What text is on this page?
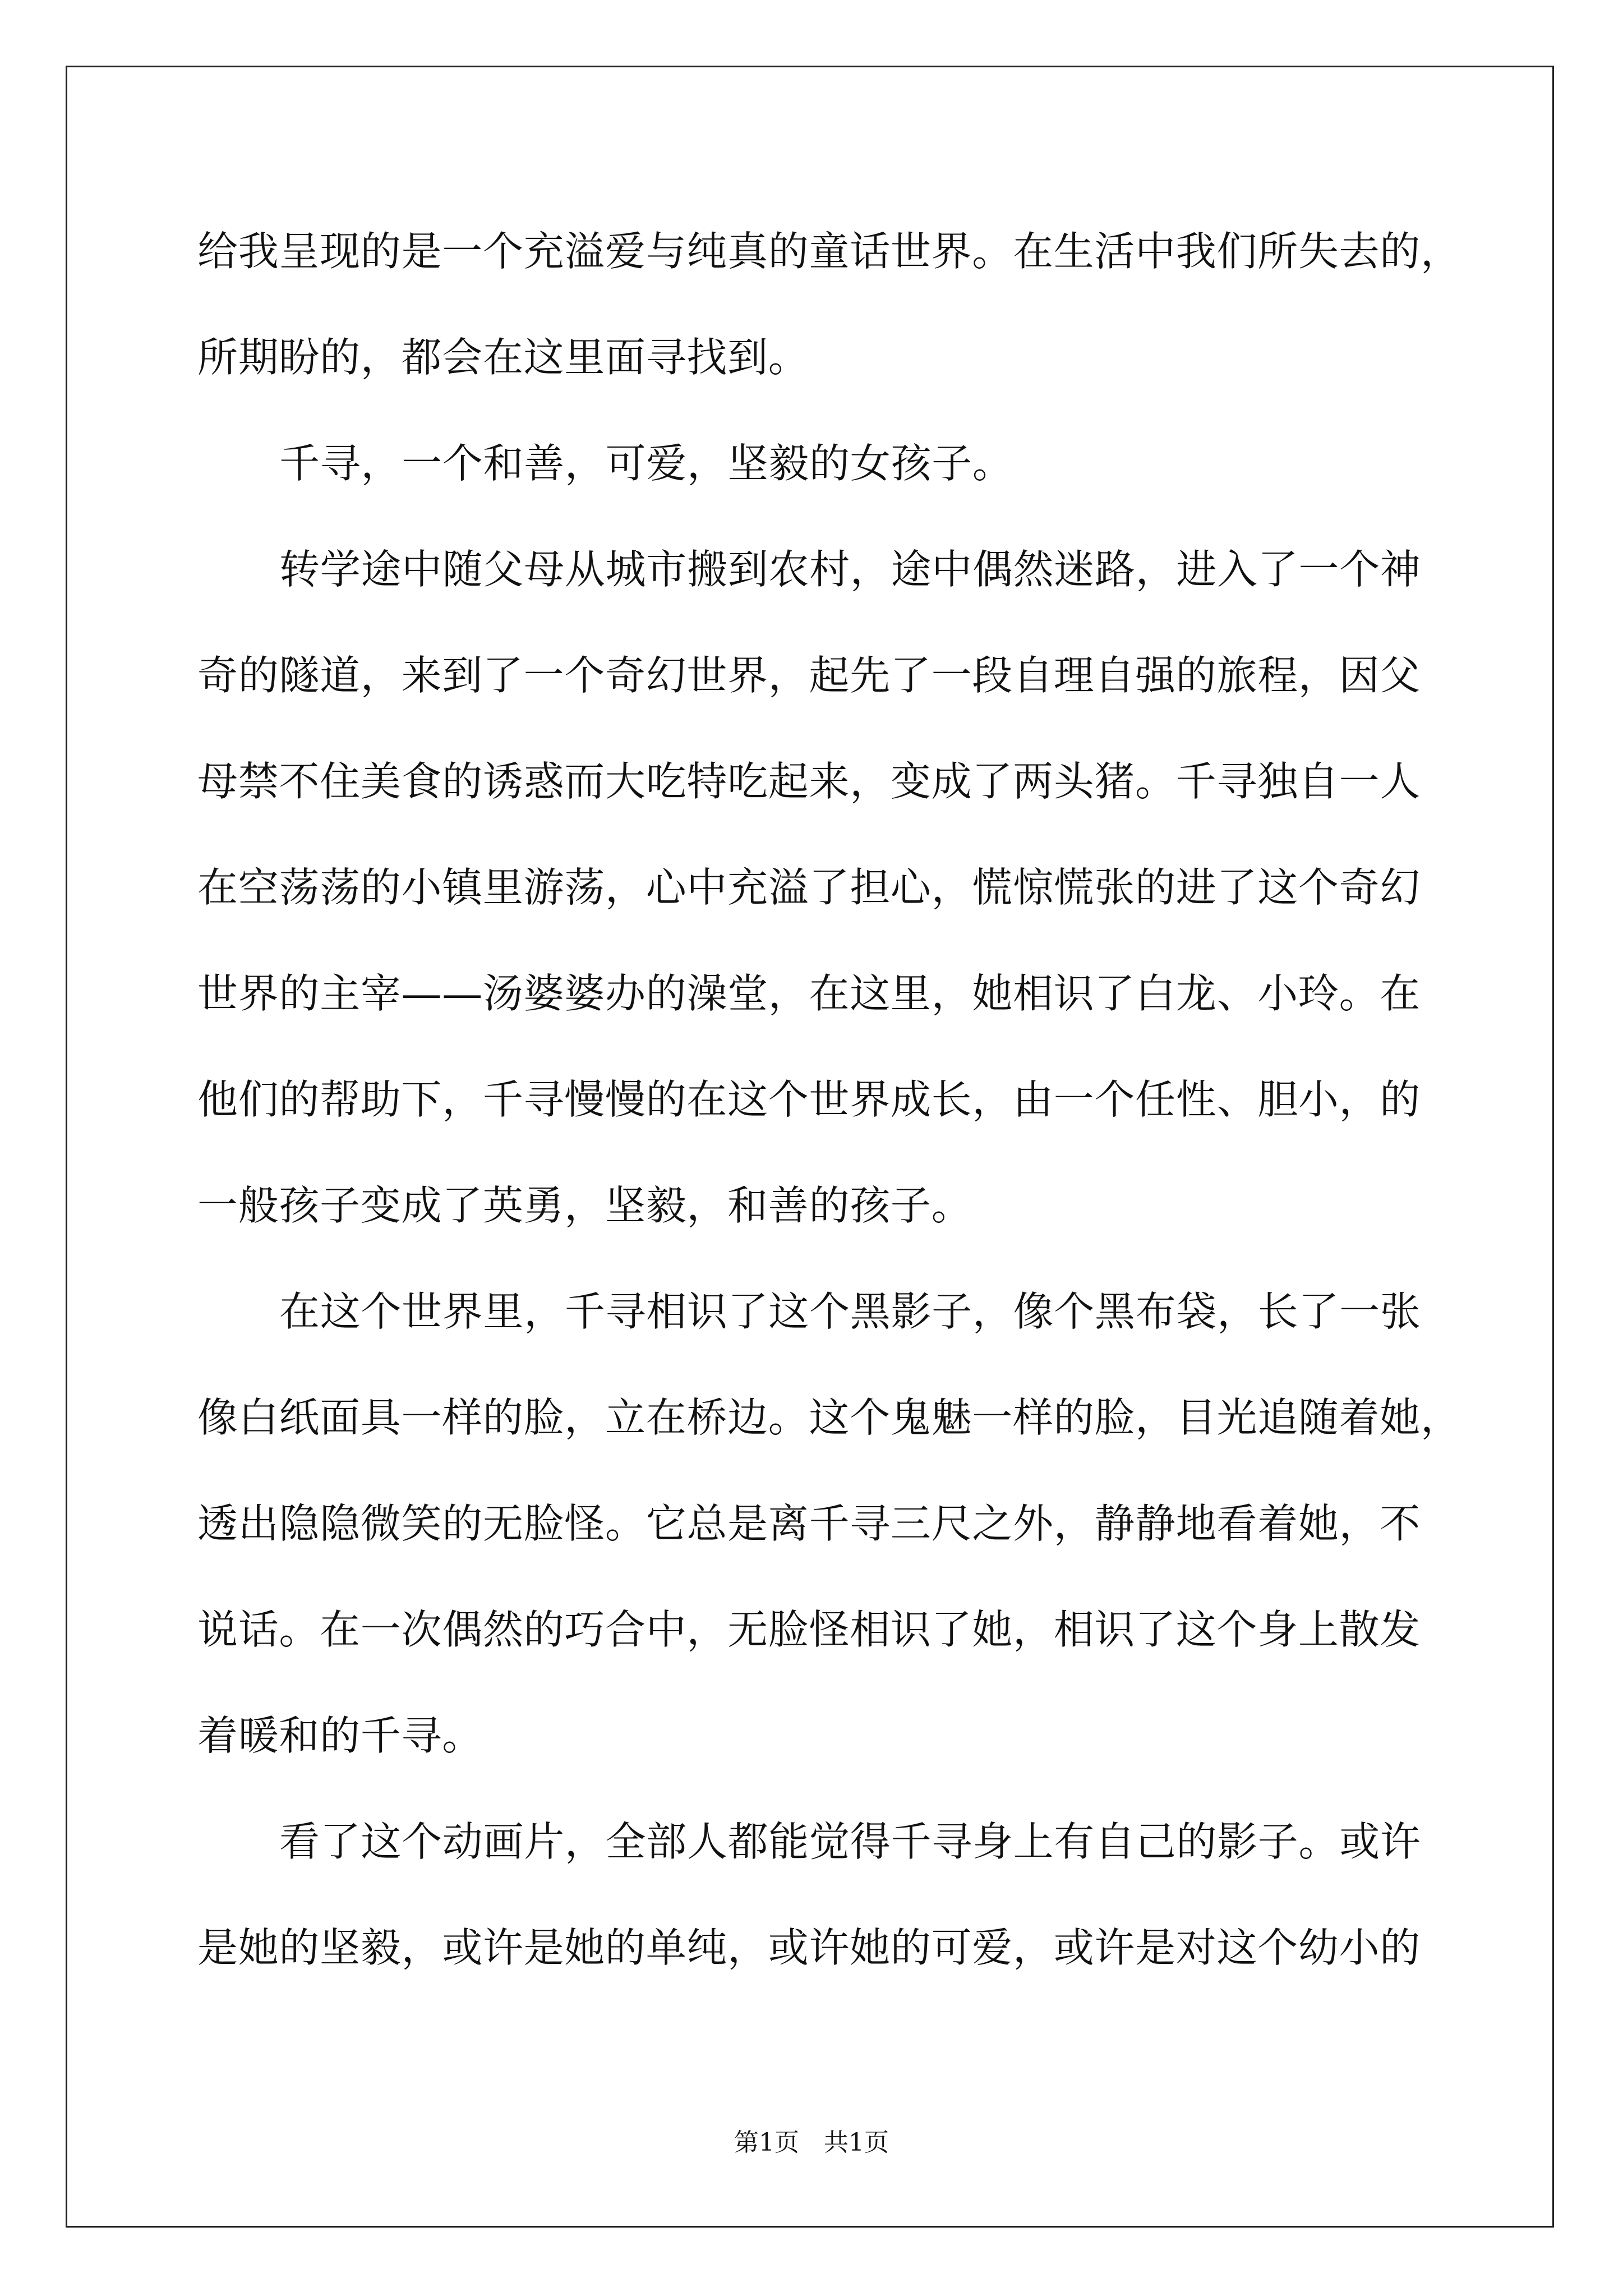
给我呈现的是一个充溢爱与纯真的童话世界。在生活中我们所失去的，
所期盼的，都会在这里面寻找到。
千寻，一个和善，可爱，坚毅的女孩子。
转学途中随父母从城市搬到农村，途中偶然迷路，进入了一个神
奇的隧道，来到了一个奇幻世界，起先了一段自理自强的旅程，因父
母禁不住美食的诱惑而大吃特吃起来，变成了两头猪。千寻独自一人
在空荡荡的小镇里游荡，心中充溢了担心，慌惊慌张的进了这个奇幻
世界的主宰——汤婆婆办的澡堂，在这里，她相识了白龙、小玲。在
他们的帮助下，千寻慢慢的在这个世界成长，由一个任性、胆小，的
一般孩子变成了英勇，坚毅，和善的孩子。
在这个世界里，千寻相识了这个黑影子，像个黑布袋，长了一张
像白纸面具一样的脸，立在桥边。这个鬼魅一样的脸，目光追随着她，
透出隐隐微笑的无脸怪。它总是离千寻三尺之外，静静地看着她，不
说话。在一次偶然的巧合中，无脸怪相识了她，相识了这个身上散发
着暖和的千寻。
看了这个动画片，全部人都能觉得千寻身上有自己的影子。或许
是她的坚毅，或许是她的单纯，或许她的可爱，或许是对这个幼小的
第1页　共1页
